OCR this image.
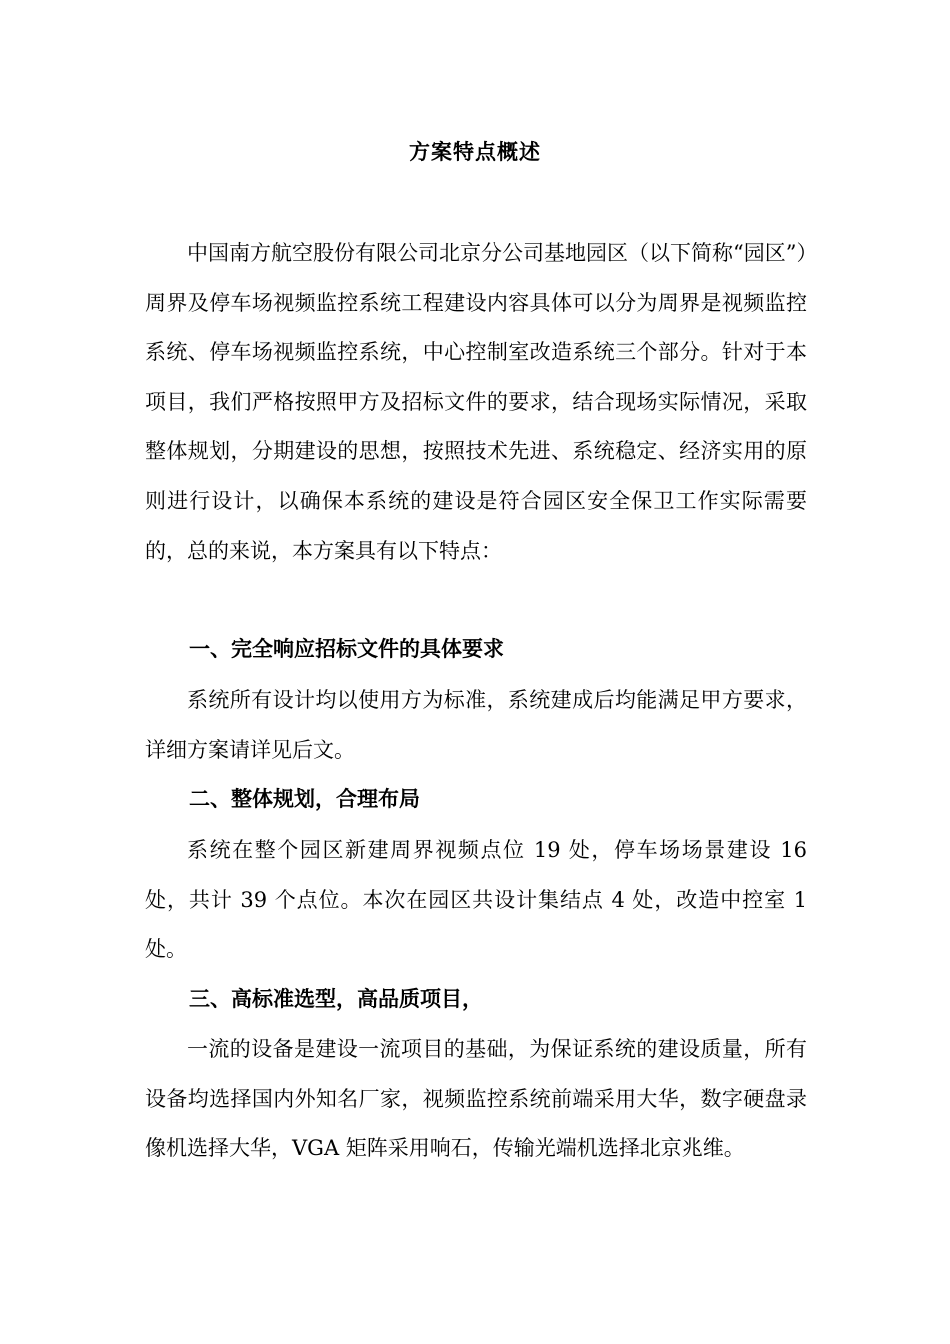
方案特点概述

中国南方航空股份有限公司北京分公司基地园区（以下简称“园区”）周界及停车场视频监控系统工程建设内容具体可以分为周界是视频监控系统、停车场视频监控系统，中心控制室改造系统三个部分。针对于本项目，我们严格按照甲方及招标文件的要求，结合现场实际情况，采取整体规划，分期建设的思想，按照技术先进、系统稳定、经济实用的原则进行设计，以确保本系统的建设是符合园区安全保卫工作实际需要的，总的来说，本方案具有以下特点：

一、完全响应招标文件的具体要求

系统所有设计均以使用方为标准，系统建成后均能满足甲方要求，详细方案请详见后文。

二、整体规划，合理布局

系统在整个园区新建周界视频点位 19 处，停车场场景建设 16 处，共计 39 个点位。本次在园区共设计集结点 4 处，改造中控室 1 处。

三、高标准选型，高品质项目，

一流的设备是建设一流项目的基础，为保证系统的建设质量，所有设备均选择国内外知名厂家，视频监控系统前端采用大华，数字硬盘录像机选择大华，VGA 矩阵采用响石，传输光端机选择北京兆维。
